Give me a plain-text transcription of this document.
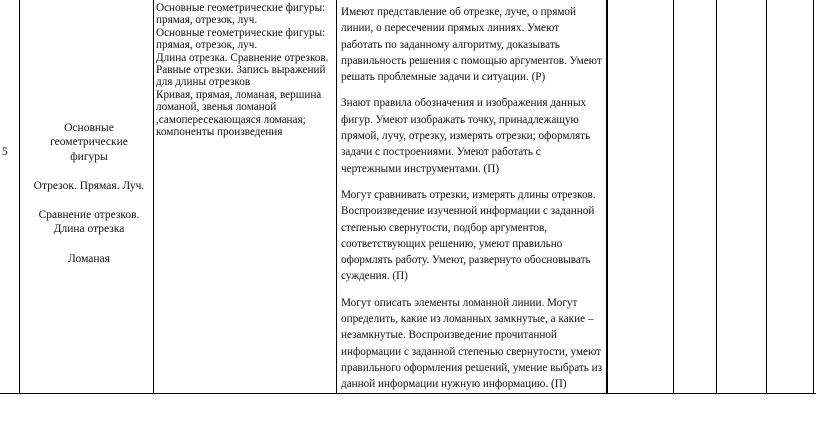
5

Основные

геометрические

фигуры

Отрезок. Прямая. Луч.

Сравнение отрезков.

Длина отрезка

Ломаная

Основные геометрические фигуры:
прямая, отрезок, луч.
Основные геометрические фигуры:
прямая, отрезок, луч.
Длина отрезка. Сравнение отрезков.
Равные отрезки. Запись выражений
для длины отрезков
Кривая, прямая, ломаная, вершина
ломаной, звенья ломаной
,самопересекающаяся ломаная;
компоненты произведения

Имеют представление об отрезке, луче, о прямой линии, о пересечении прямых линиях. Умеют работать по заданному алгоритму, доказывать правильность решения с помощью аргументов. Умеют решать проблемные задачи и ситуации. (Р)

Знают правила обозначения и изображения данных фигур. Умеют изображать точку, принадлежащую прямой, лучу, отрезку, измерять отрезки; оформлять задачи с построениями. Умеют работать с чертежными инструментами. (П)

Могут сравнивать отрезки, измерять длины отрезков. Воспроизведение изученной информации с заданной степенью свернутости, подбор аргументов, соответствующих решению, умеют правильно оформлять работу. Умеют, развернуто обосновывать суждения. (П)

Могут описать элементы ломанной линии. Могут определить, какие из ломанных замкнутые, а какие – незамкнутые. Воспроизведение прочитанной информации с заданной степенью свернутости, умеют правильного оформления решений, умение выбрать из данной информации нужную информацию. (П)
